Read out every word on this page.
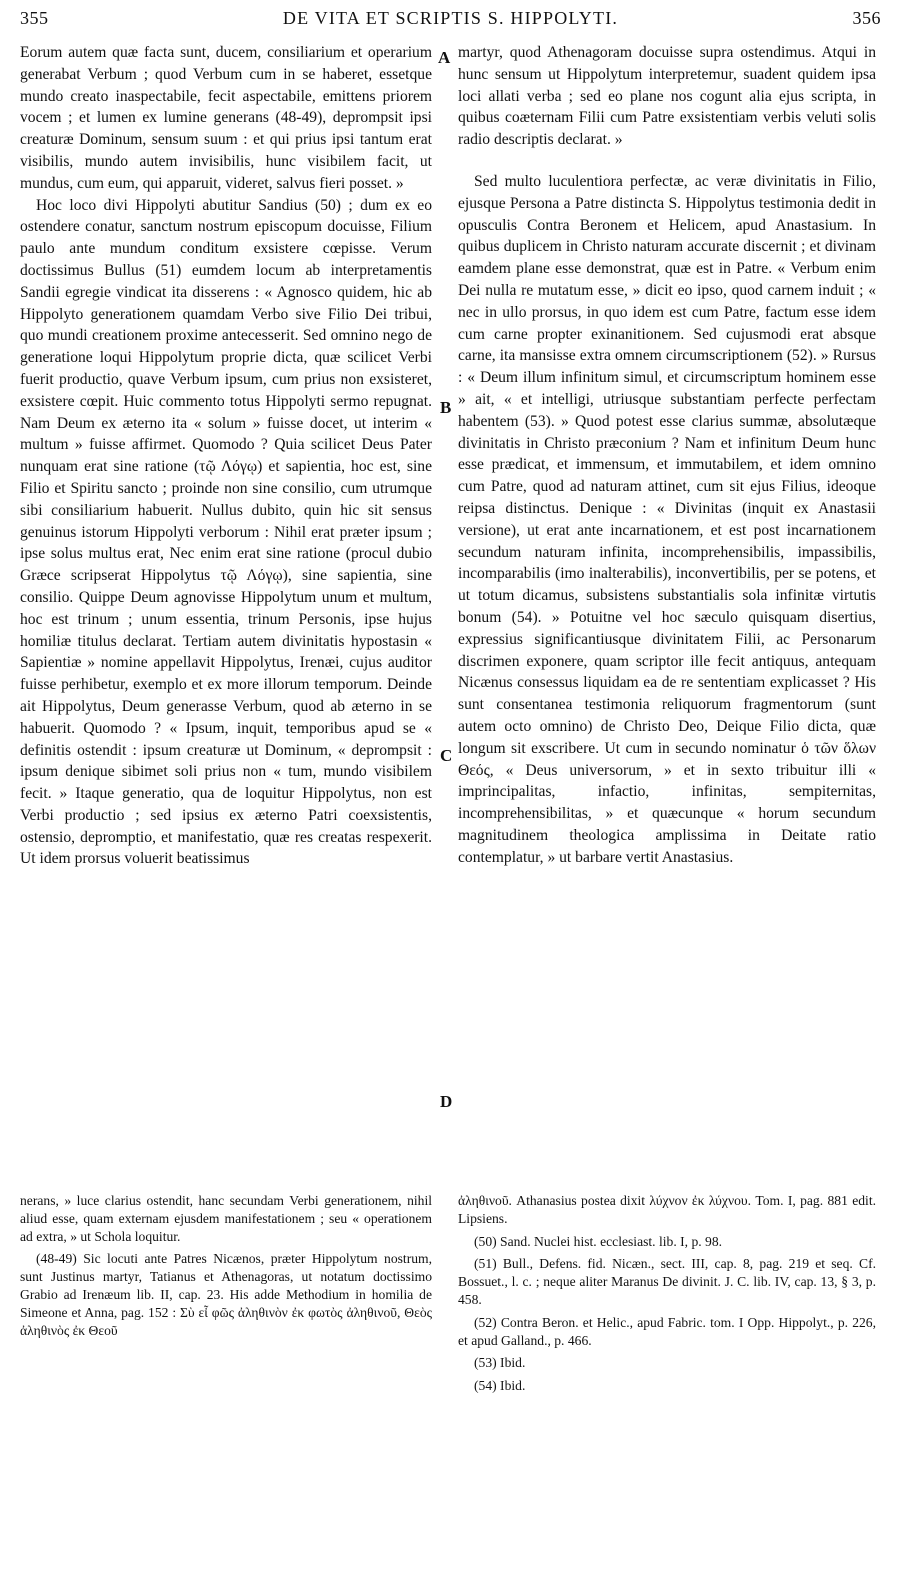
355	DE VITA ET SCRIPTIS S. HIPPOLYTI.	356

Eorum autem quæ facta sunt, ducem, consiliarium et operarium generabat Verbum ; quod Verbum cum in se haberet, essetque mundo creato inaspectabile, fecit aspectabile, emittens priorem vocem ; et lumen ex lumine generans (48-49), deprompsit ipsi creaturæ Dominum, sensum suum : et qui prius ipsi tantum erat visibilis, mundo autem invisibilis, hunc visibilem facit, ut mundus, cum eum, qui apparuit, videret, salvus fieri posset. »

Hoc loco divi Hippolyti abutitur Sandius (50) ; dum ex eo ostendere conatur, sanctum nostrum episcopum docuisse, Filium paulo ante mundum conditum exsistere cœpisse. Verum doctissimus Bullus (51) eumdem locum ab interpretamentis Sandii egregie vindicat ita disserens : « Agnosco quidem, hic ab Hippolyto generationem quamdam Verbo sive Filio Dei tribui, quo mundi creationem proxime antecesserit. Sed omnino nego de generatione loqui Hippolytum proprie dicta, quæ scilicet Verbi fuerit productio, quave Verbum ipsum, cum prius non exsisteret, exsistere cœpit. Huic commento totus Hippolyti sermo repugnat. Nam Deum ex æterno ita « solum » fuisse docet, ut interim « multum » fuisse affirmet. Quomodo ? Quia scilicet Deus Pater nunquam erat sine ratione (τῷ Λόγῳ) et sapientia, hoc est, sine Filio et Spiritu sancto ; proinde non sine consilio, cum utrumque sibi consiliarium habuerit. Nullus dubito, quin hic sit sensus genuinus istorum Hippolyti verborum : Nihil erat præter ipsum ; ipse solus multus erat, Nec enim erat sine ratione (procul dubio Græce scripserat Hippolytus τῷ Λόγῳ), sine sapientia, sine consilio. Quippe Deum agnovisse Hippolytum unum et multum, hoc est trinum ; unum essentia, trinum Personis, ipse hujus homiliæ titulus declarat. Tertiam autem divinitatis hypostasin « Sapientiæ » nomine appellavit Hippolytus, Irenæi, cujus auditor fuisse perhibetur, exemplo et ex more illorum temporum. Deinde ait Hippolytus, Deum generasse Verbum, quod ab æterno in se habuerit. Quomodo ? « Ipsum, inquit, temporibus apud se « definitis ostendit : ipsum creaturæ ut Dominum, « deprompsit : ipsum denique sibimet soli prius non « tum, mundo visibilem fecit. » Itaque generatio, qua de loquitur Hippolytus, non est Verbi productio ; sed ipsius ex æterno Patri coexsistentis, ostensio, depromptio, et manifestatio, quæ res creatas respexerit. Ut idem prorsus voluerit beatissimus

martyr, quod Athenagoram docuisse supra ostendimus. Atqui in hunc sensum ut Hippolytum interpretemur, suadent quidem ipsa loci allati verba ; sed eo plane nos cogunt alia ejus scripta, in quibus coæternam Filii cum Patre exsistentiam verbis veluti solis radio descriptis declarat. »

Sed multo luculentiora perfectæ, ac veræ divinitatis in Filio, ejusque Persona a Patre distincta S. Hippolytus testimonia dedit in opusculis Contra Beronem et Helicem, apud Anastasium. In quibus duplicem in Christo naturam accurate discernit ; et divinam eamdem plane esse demonstrat, quæ est in Patre. « Verbum enim Dei nulla re mutatum esse, » dicit eo ipso, quod carnem induit ; « nec in ullo prorsus, in quo idem est cum Patre, factum esse idem cum carne propter exinanitionem. Sed cujusmodi erat absque carne, ita mansisse extra omnem circumscriptionem (52). » Rursus : « Deum illum infinitum simul, et circumscriptum hominem esse » ait, « et intelligi, utriusque substantiam perfecte perfectam habentem (53). » Quod potest esse clarius summæ, absolutæque divinitatis in Christo præconium ? Nam et infinitum Deum hunc esse prædicat, et immensum, et immutabilem, et idem omnino cum Patre, quod ad naturam attinet, cum sit ejus Filius, ideoque reipsa distinctus. Denique : « Divinitas (inquit ex Anastasii versione), ut erat ante incarnationem, et est post incarnationem secundum naturam infinita, incomprehensibilis, impassibilis, incomparabilis (imo inalterabilis), inconvertibilis, per se potens, et ut totum dicamus, subsistens substantialis sola infinitæ virtutis bonum (54). » Potuitne vel hoc sæculo quisquam disertius, expressius significantiusque divinitatem Filii, ac Personarum discrimen exponere, quam scriptor ille fecit antiquus, antequam Nicænus consessus liquidam ea de re sententiam explicasset ? His sunt consentanea testimonia reliquorum fragmentorum (sunt autem octo omnino) de Christo Deo, Deique Filio dicta, quæ longum sit exscribere. Ut cum in secundo nominatur ὁ τῶν ὅλων Θεός, « Deus universorum, » et in sexto tribuitur illi « imprincipalitas, infactio, infinitas, sempiternitas, incomprehensibilitas, » et quæcunque « horum secundum magnitudinem theologica amplissima in Deitate ratio contemplatur, » ut barbare vertit Anastasius.

A
B
C
D

nerans, » luce clarius ostendit, hanc secundam Verbi generationem, nihil aliud esse, quam externam ejusdem manifestationem ; seu « operationem ad extra, » ut Schola loquitur.

(48-49) Sic locuti ante Patres Nicænos, præter Hippolytum nostrum, sunt Justinus martyr, Tatianus et Athenagoras, ut notatum doctissimo Grabio ad Irenæum lib. II, cap. 23. His adde Methodium in homilia de Simeone et Anna, pag. 152 : Σὺ εἶ φῶς ἀληθινὸν ἐκ φωτὸς ἀληθινοῦ, Θεὸς ἀληθινὸς ἐκ Θεοῦ

ἀληθινοῦ. Athanasius postea dixit λύχνον ἐκ λύχνου. Tom. I, pag. 881 edit. Lipsiens.

(50) Sand. Nuclei hist. ecclesiast. lib. I, p. 98.

(51) Bull., Defens. fid. Nicæn., sect. III, cap. 8, pag. 219 et seq. Cf. Bossuet., l. c. ; neque aliter Maranus De divinit. J. C. lib. IV, cap. 13, § 3, p. 458.

(52) Contra Beron. et Helic., apud Fabric. tom. I Opp. Hippolyt., p. 226, et apud Galland., p. 466.

(53) Ibid.

(54) Ibid.
